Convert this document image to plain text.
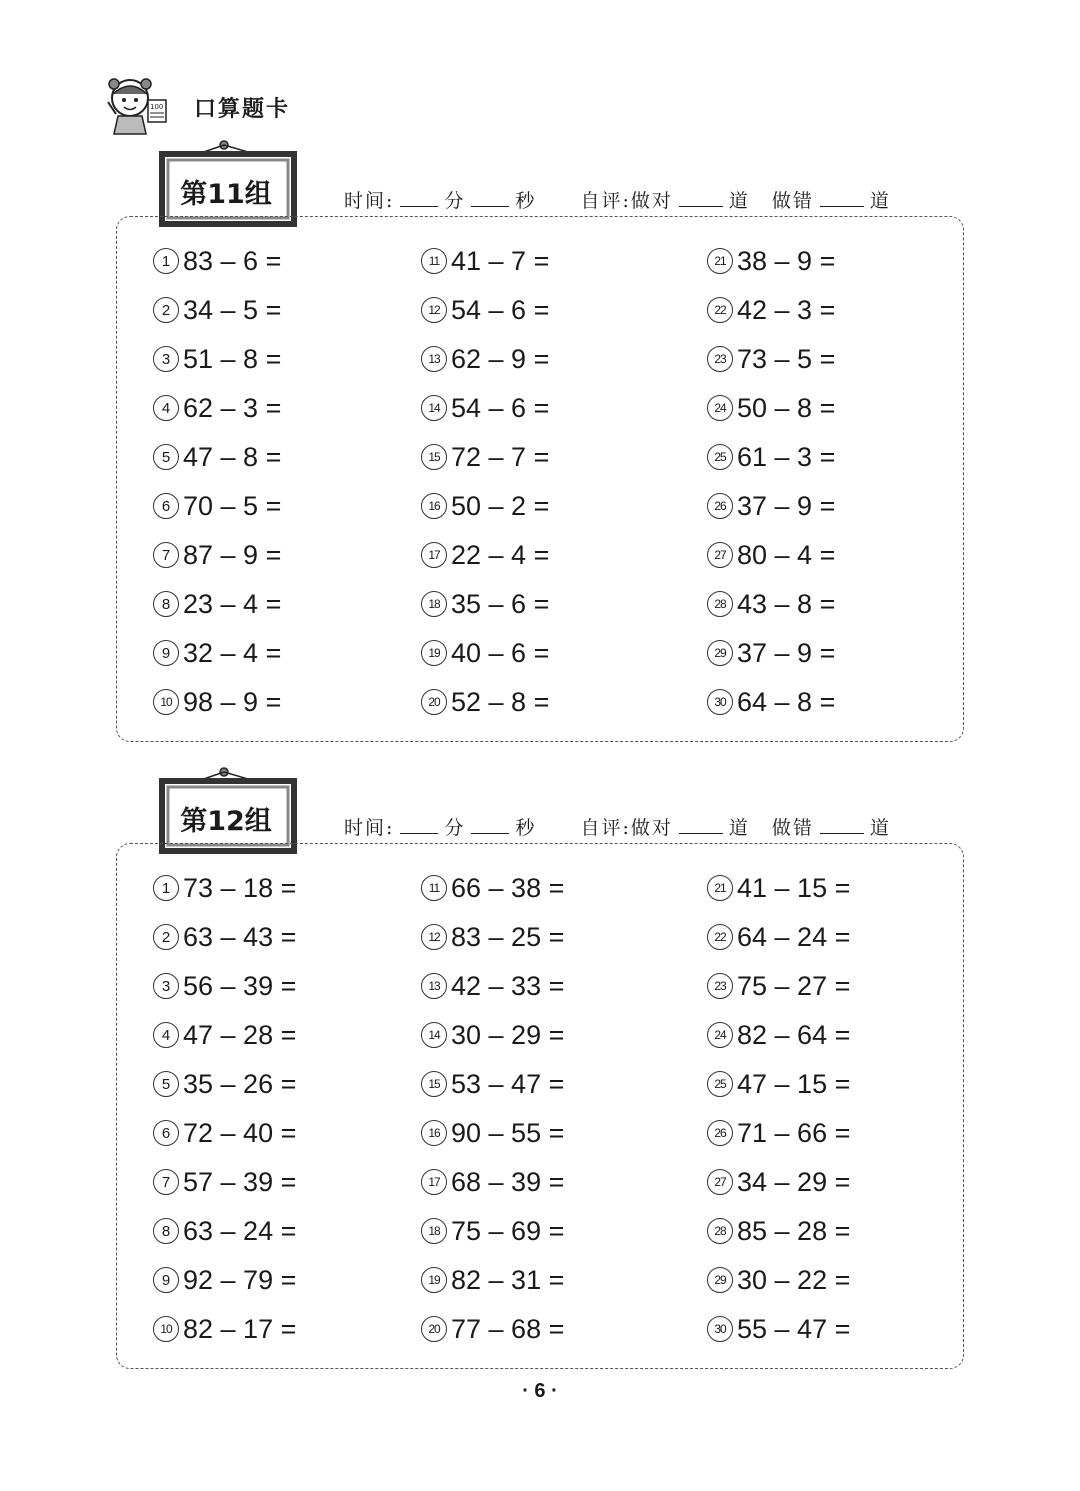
100 口算题卡
第11组	时间:	分	秒 自评:做对	道 做错	道
1 83 – 6 =
2 34 – 5 =
3 51 – 8 =
4 62 – 3 =
5 47 – 8 =
6 70 – 5 =
7 87 – 9 =
8 23 – 4 =
9 32 – 4 =
10 98 – 9 =
11 41 – 7 =
12 54 – 6 =
13 62 – 9 =
14 54 – 6 =
15 72 – 7 =
16 50 – 2 =
17 22 – 4 =
18 35 – 6 =
19 40 – 6 =
20 52 – 8 =
21 38 – 9 =
22 42 – 3 =
23 73 – 5 =
24 50 – 8 =
25 61 – 3 =
26 37 – 9 =
27 80 – 4 =
28 43 – 8 =
29 37 – 9 =
30 64 – 8 =
第12组	时间:	分	秒 自评:做对	道 做错	道
1 73 – 18 =
2 63 – 43 =
3 56 – 39 =
4 47 – 28 =
5 35 – 26 =
6 72 – 40 =
7 57 – 39 =
8 63 – 24 =
9 92 – 79 =
10 82 – 17 =
11 66 – 38 =
12 83 – 25 =
13 42 – 33 =
14 30 – 29 =
15 53 – 47 =
16 90 – 55 =
17 68 – 39 =
18 75 – 69 =
19 82 – 31 =
20 77 – 68 =
21 41 – 15 =
22 64 – 24 =
23 75 – 27 =
24 82 – 64 =
25 47 – 15 =
26 71 – 66 =
27 34 – 29 =
28 85 – 28 =
29 30 – 22 =
30 55 – 47 =
· 6 ·
